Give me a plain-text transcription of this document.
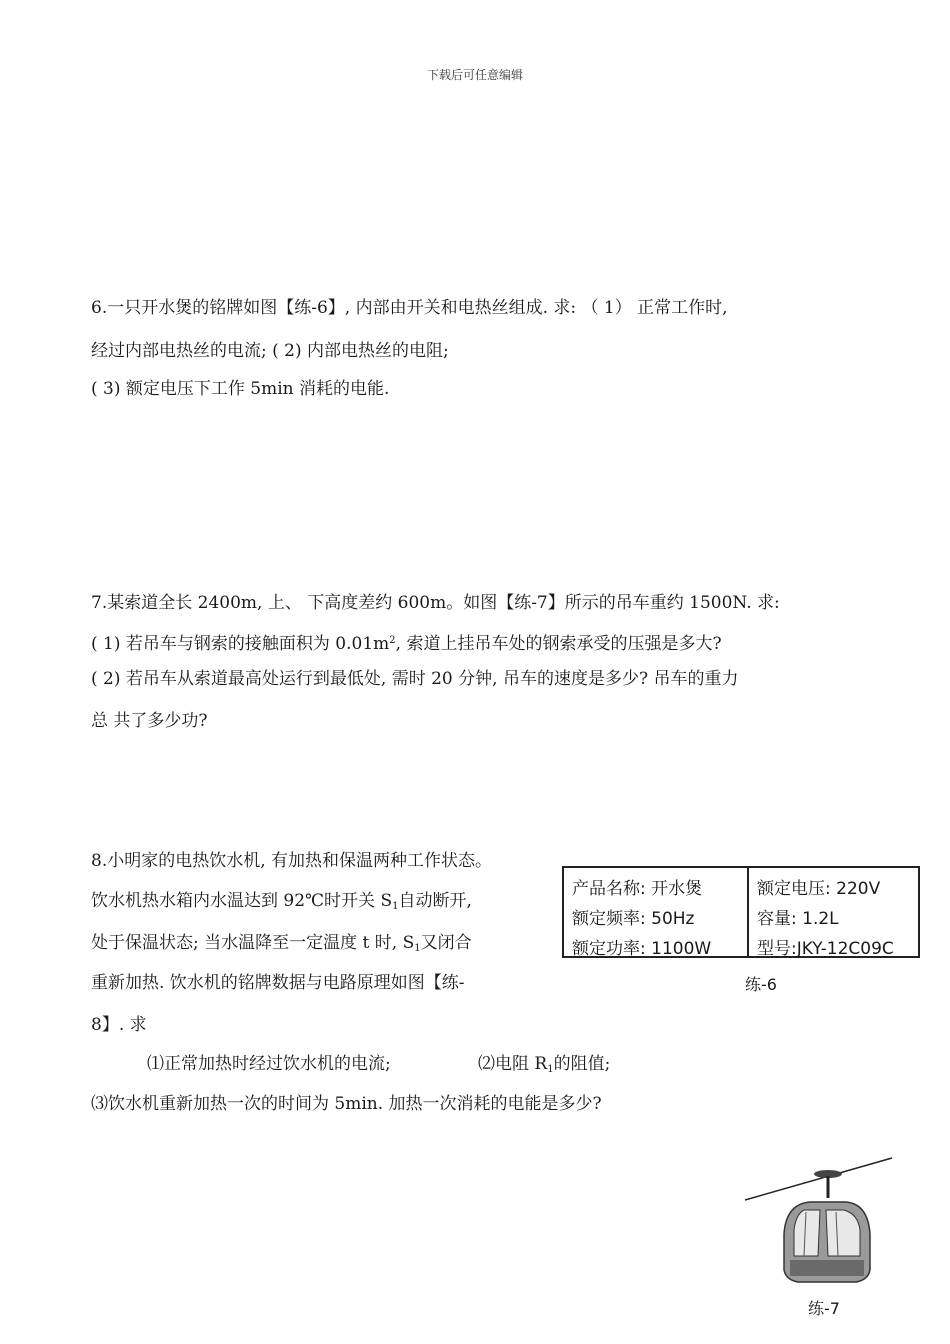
下载后可任意编辑
6.一只开水煲的铭牌如图【练-6】, 内部由开关和电热丝组成. 求: （ 1） 正常工作时,
经过内部电热丝的电流; ( 2) 内部电热丝的电阻;
( 3) 额定电压下工作 5min 消耗的电能.
7.某索道全长 2400m, 上、 下高度差约 600m。如图【练-7】所示的吊车重约 1500N. 求:
( 1) 若吊车与钢索的接触面积为 $0.01m^2$, 索道上挂吊车处的钢索承受的压强是多大?
( 2) 若吊车从索道最高处运行到最低处, 需时 20 分钟, 吊车的速度是多少? 吊车的重力
总 共了多少功?
8.小明家的电热饮水机, 有加热和保温两种工作状态。
饮水机热水箱内水温达到 92℃时开关 $S_1$自动断开,
处于保温状态; 当水温降至一定温度 t 时, $S_1$又闭合
重新加热. 饮水机的铭牌数据与电路原理如图【练-
8】. 求
⑴正常加热时经过饮水机的电流;	⑵电阻 $R_1$的阻值;
⑶饮水机重新加热一次的时间为 5min. 加热一次消耗的电能是多少?
产品名称: 开水煲	额定电压: 220V
额定频率: 50Hz	容量: 1.2L
额定功率: 1100W	型号:JKY-12C09C
练-6
练-7
